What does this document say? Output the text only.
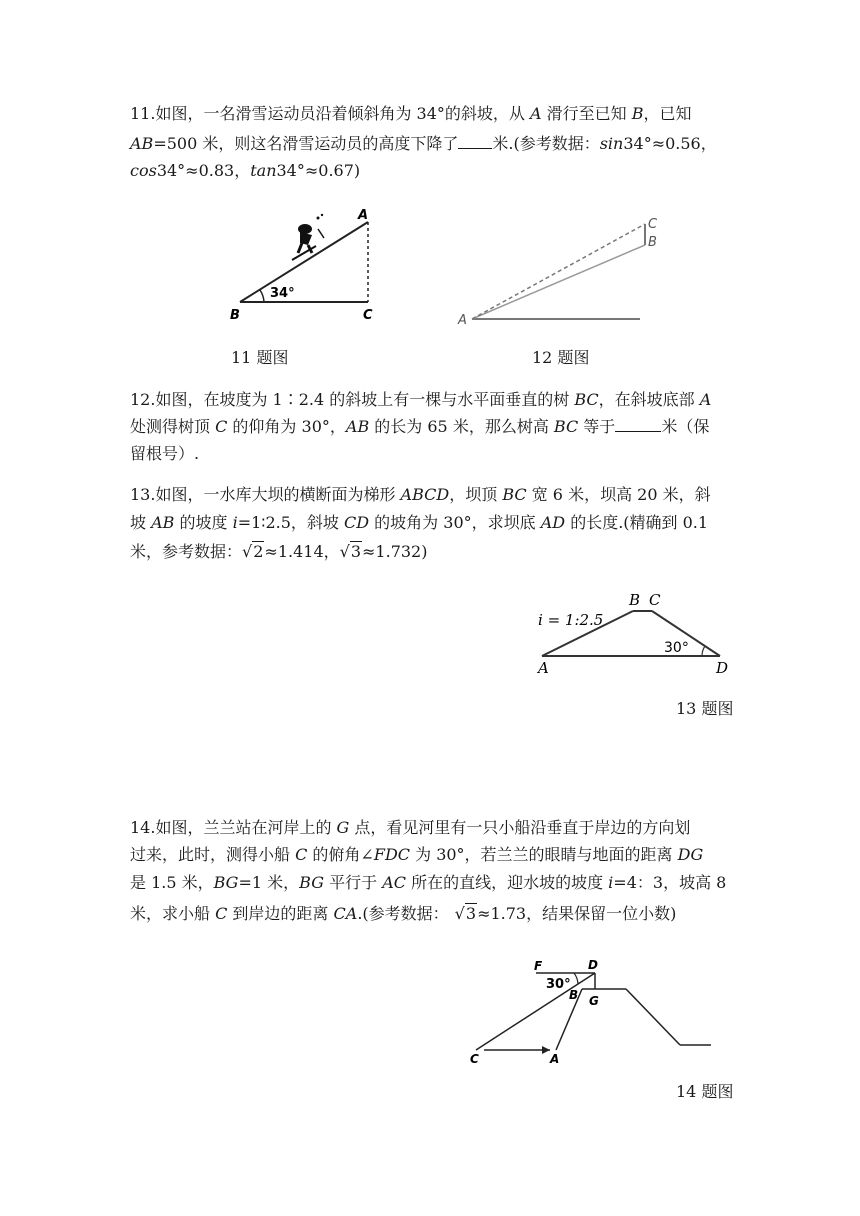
11.如图，一名滑雪运动员沿着倾斜角为 34°的斜坡，从 A 滑行至已知 B，已知
AB=500 米，则这名滑雪运动员的高度下降了 米.(参考数据：sin34°≈0.56，
cos34°≈0.83，tan34°≈0.67)
34°
A
B	C
C
B
A
11 题图	12 题图
12.如图，在坡度为 1∶2.4 的斜坡上有一棵与水平面垂直的树 BC，在斜坡底部 A
处测得树顶 C 的仰角为 30°，AB 的长为 65 米，那么树高 BC 等于	米（保
留根号）.
13.如图，一水库大坝的横断面为梯形 ABCD，坝顶 BC 宽 6 米，坝高 20 米，斜
坡 AB 的坡度 i=1∶2.5，斜坡 CD 的坡角为 30°，求坝底 AD 的长度.(精确到 0.1
米，参考数据：√2≈1.414，√3≈1.732)
i = 1:2.5
30°
A
B C
D
13 题图
14.如图，兰兰站在河岸上的 G 点，看见河里有一只小船沿垂直于岸边的方向划
过来，此时，测得小船 C 的俯角∠FDC 为 30°，若兰兰的眼睛与地面的距离 DG
是 1.5 米，BG=1 米，BG 平行于 AC 所在的直线，迎水坡的坡度 i=4：3，坡高 8
米，求小船 C 到岸边的距离 CA.(参考数据： √3≈1.73，结果保留一位小数)
F	D
30°
B G
C	A
14 题图
